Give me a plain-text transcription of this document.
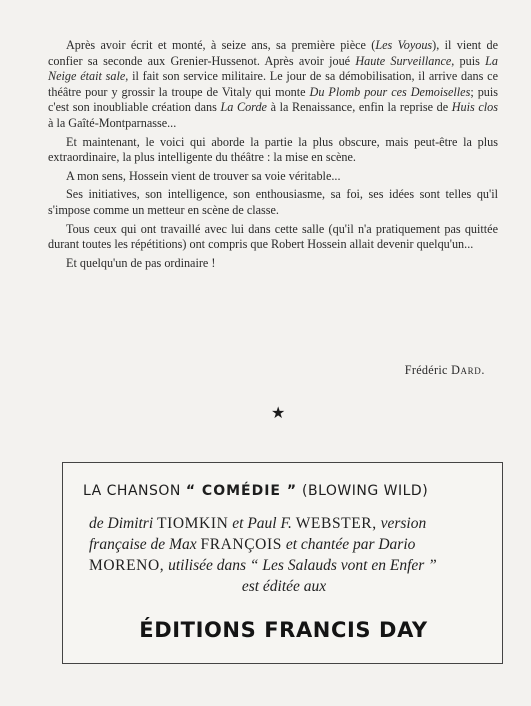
Après avoir écrit et monté, à seize ans, sa première pièce (Les Voyous), il vient de confier sa seconde aux Grenier-Hussenot. Après avoir joué Haute Surveillance, puis La Neige était sale, il fait son service militaire. Le jour de sa démobilisation, il arrive dans ce théâtre pour y grossir la troupe de Vitaly qui monte Du Plomb pour ces Demoiselles; puis c'est son inoubliable création dans La Corde à la Renaissance, enfin la reprise de Huis clos à la Gaîté-Montparnasse...

Et maintenant, le voici qui aborde la partie la plus obscure, mais peut-être la plus extraordinaire, la plus intelligente du théâtre : la mise en scène.

A mon sens, Hossein vient de trouver sa voie véritable...

Ses initiatives, son intelligence, son enthousiasme, sa foi, ses idées sont telles qu'il s'impose comme un metteur en scène de classe.

Tous ceux qui ont travaillé avec lui dans cette salle (qu'il n'a pratiquement pas quittée durant toutes les répétitions) ont compris que Robert Hossein allait devenir quelqu'un...

Et quelqu'un de pas ordinaire !

Frédéric Dard.
★
LA CHANSON “ COMÉDIE ” (BLOWING WILD)
de Dimitri TIOMKIN et Paul F. WEBSTER, version
française de Max FRANÇOIS et chantée par Dario
MORENO, utilisée dans “ Les Salauds vont en Enfer ”
est éditée aux
ÉDITIONS FRANCIS DAY
